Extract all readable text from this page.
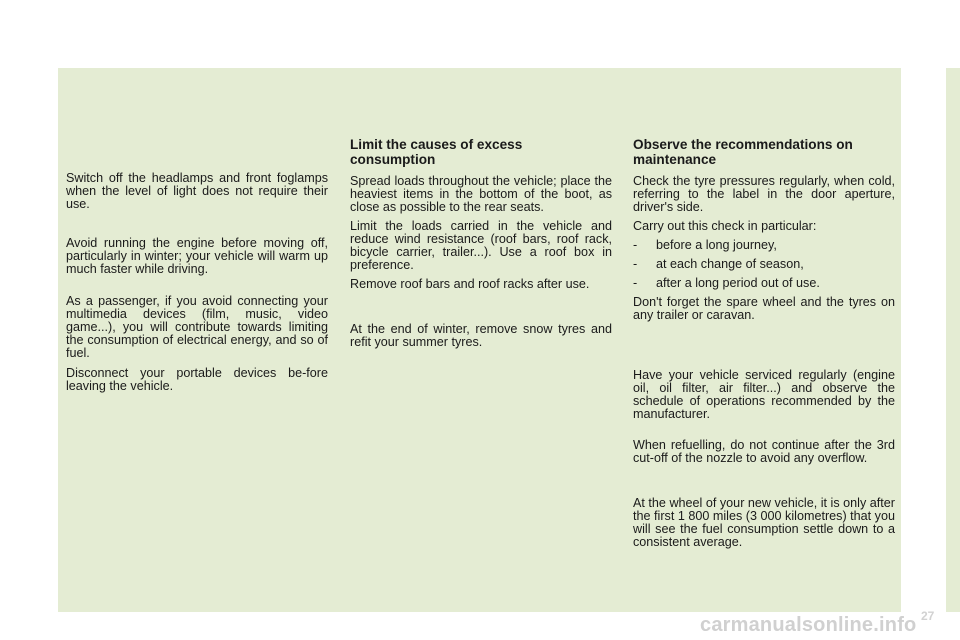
Switch off the headlamps and front foglamps when the level of light does not require their use.

Avoid running the engine before moving off, particularly in winter; your vehicle will warm up much faster while driving.

As a passenger, if you avoid connecting your multimedia devices (film, music, video game...), you will contribute towards limiting the consumption of electrical energy, and so of fuel.

Disconnect your portable devices be-fore leaving the vehicle.

Limit the causes of excess consumption

Spread loads throughout the vehicle; place the heaviest items in the bottom of the boot, as close as possible to the rear seats.

Limit the loads carried in the vehicle and reduce wind resistance (roof bars, roof rack, bicycle carrier, trailer...). Use a roof box in preference.

Remove roof bars and roof racks after use.

At the end of winter, remove snow tyres and refit your summer tyres.

Observe the recommendations on maintenance

Check the tyre pressures regularly, when cold, referring to the label in the door aperture, driver's side.

Carry out this check in particular:

- before a long journey,
- at each change of season,
- after a long period out of use.

Don't forget the spare wheel and the tyres on any trailer or caravan.

Have your vehicle serviced regularly (engine oil, oil filter, air filter...) and observe the schedule of operations recommended by the manufacturer.

When refuelling, do not continue after the 3rd cut-off of the nozzle to avoid any overflow.

At the wheel of your new vehicle, it is only after the first 1 800 miles (3 000 kilometres) that you will see the fuel consumption settle down to a consistent average.

27
carmanualsonline.info
